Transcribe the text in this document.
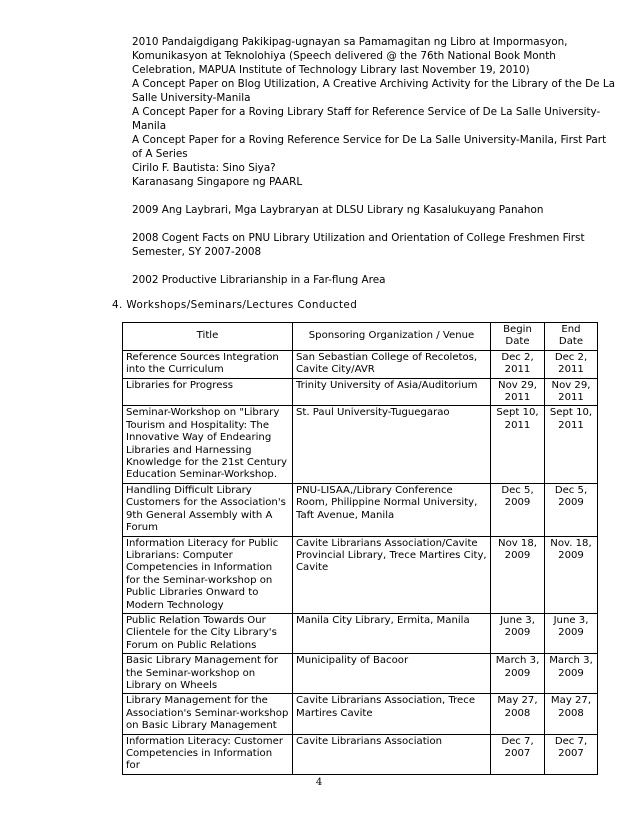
2010 Pandaigdigang Pakikipag-ugnayan sa Pamamagitan ng Libro at Impormasyon,
Komunikasyon at Teknolohiya (Speech delivered @ the 76th National Book Month
Celebration, MAPUA Institute of Technology Library last November 19, 2010)
A Concept Paper on Blog Utilization, A Creative Archiving Activity for the Library of the De La
Salle University-Manila
A Concept Paper for a Roving Library Staff for Reference Service of De La Salle University-
Manila
A Concept Paper for a Roving Reference Service for De La Salle University-Manila, First Part
of A Series
Cirilo F. Bautista: Sino Siya?
Karanasang Singapore ng PAARL
2009 Ang Laybrari, Mga Laybraryan at DLSU Library ng Kasalukuyang Panahon
2008 Cogent Facts on PNU Library Utilization and Orientation of College Freshmen First
Semester, SY 2007-2008
2002 Productive Librarianship in a Far-flung Area
4. Workshops/Seminars/Lectures Conducted
Title	Sponsoring Organization / Venue	Begin Date	End Date
Reference Sources Integration into the Curriculum	San Sebastian College of Recoletos, Cavite City/AVR	Dec 2, 2011	Dec 2, 2011
Libraries for Progress	Trinity University of Asia/Auditorium	Nov 29, 2011	Nov 29, 2011
Seminar-Workshop on "Library Tourism and Hospitality: The Innovative Way of Endearing Libraries and Harnessing Knowledge for the 21st Century Education Seminar-Workshop.	St. Paul University-Tuguegarao	Sept 10, 2011	Sept 10, 2011
Handling Difficult Library Customers for the Association's 9th General Assembly with A Forum	PNU-LISAA,/Library Conference Room, Philippine Normal University, Taft Avenue, Manila	Dec 5, 2009	Dec 5, 2009
Information Literacy for Public Librarians: Computer Competencies in Information for the Seminar-workshop on Public Libraries Onward to Modern Technology	Cavite Librarians Association/Cavite Provincial Library, Trece Martires City, Cavite	Nov 18, 2009	Nov. 18, 2009
Public Relation Towards Our Clientele for the City Library's Forum on Public Relations	Manila City Library, Ermita, Manila	June 3, 2009	June 3, 2009
Basic Library Management for the Seminar-workshop on Library on Wheels	Municipality of Bacoor	March 3, 2009	March 3, 2009
Library Management for the Association's Seminar-workshop on Basic Library Management	Cavite Librarians Association, Trece Martires Cavite	May 27, 2008	May 27, 2008
Information Literacy: Customer Competencies in Information for	Cavite Librarians Association	Dec 7, 2007	Dec 7, 2007
4
